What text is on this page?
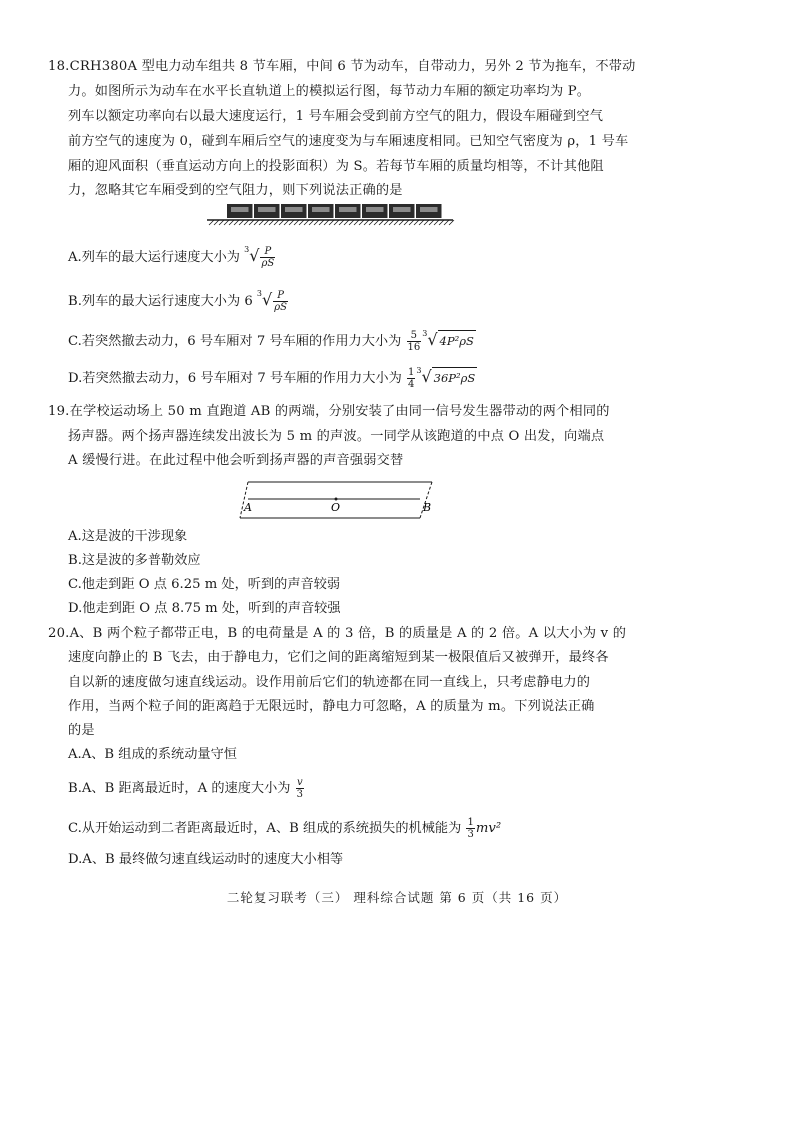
18.CRH380A 型电力动车组共 8 节车厢，中间 6 节为动车，自带动力，另外 2 节为拖车，不带动
力。如图所示为动车在水平长直轨道上的模拟运行图，每节动力车厢的额定功率均为 P。
列车以额定功率向右以最大速度运行，1 号车厢会受到前方空气的阻力，假设车厢碰到空气
前方空气的速度为 0，碰到车厢后空气的速度变为与车厢速度相同。已知空气密度为 ρ，1 号车
厢的迎风面积（垂直运动方向上的投影面积）为 S。若每节车厢的质量均相等，不计其他阻
力，忽略其它车厢受到的空气阻力，则下列说法正确的是
A.列车的最大运行速度大小为 $^3√ \frac{P}{\rho S}$
B.列车的最大运行速度大小为 6 $^3√ \frac{P}{\rho S}$
C.若突然撤去动力，6 号车厢对 7 号车厢的作用力大小为 $\frac{5}{16} ^3√$ 4P²ρS
D.若突然撤去动力，6 号车厢对 7 号车厢的作用力大小为 $\frac{1}{4} ^3√$ 36P²ρS
19.在学校运动场上 50 m 直跑道 AB 的两端，分别安装了由同一信号发生器带动的两个相同的
扬声器。两个扬声器连续发出波长为 5 m 的声波。一同学从该跑道的中点 O 出发，向端点
A 缓慢行进。在此过程中他会听到扬声器的声音强弱交替
A	O	B
A.这是波的干涉现象
B.这是波的多普勒效应
C.他走到距 O 点 6.25 m 处，听到的声音较弱
D.他走到距 O 点 8.75 m 处，听到的声音较强
20.A、B 两个粒子都带正电，B 的电荷量是 A 的 3 倍，B 的质量是 A 的 2 倍。A 以大小为 v 的
速度向静止的 B 飞去，由于静电力，它们之间的距离缩短到某一极限值后又被弹开，最终各
自以新的速度做匀速直线运动。设作用前后它们的轨迹都在同一直线上，只考虑静电力的
作用，当两个粒子间的距离趋于无限远时，静电力可忽略，A 的质量为 m。下列说法正确
的是
A.A、B 组成的系统动量守恒
B.A、B 距离最近时，A 的速度大小为 $\frac{v}{3}$
C.从开始运动到二者距离最近时，A、B 组成的系统损失的机械能为 $\frac{1}{3} mv^2$
D.A、B 最终做匀速直线运动时的速度大小相等
二轮复习联考（三） 理科综合试题 第 6 页（共 16 页）
